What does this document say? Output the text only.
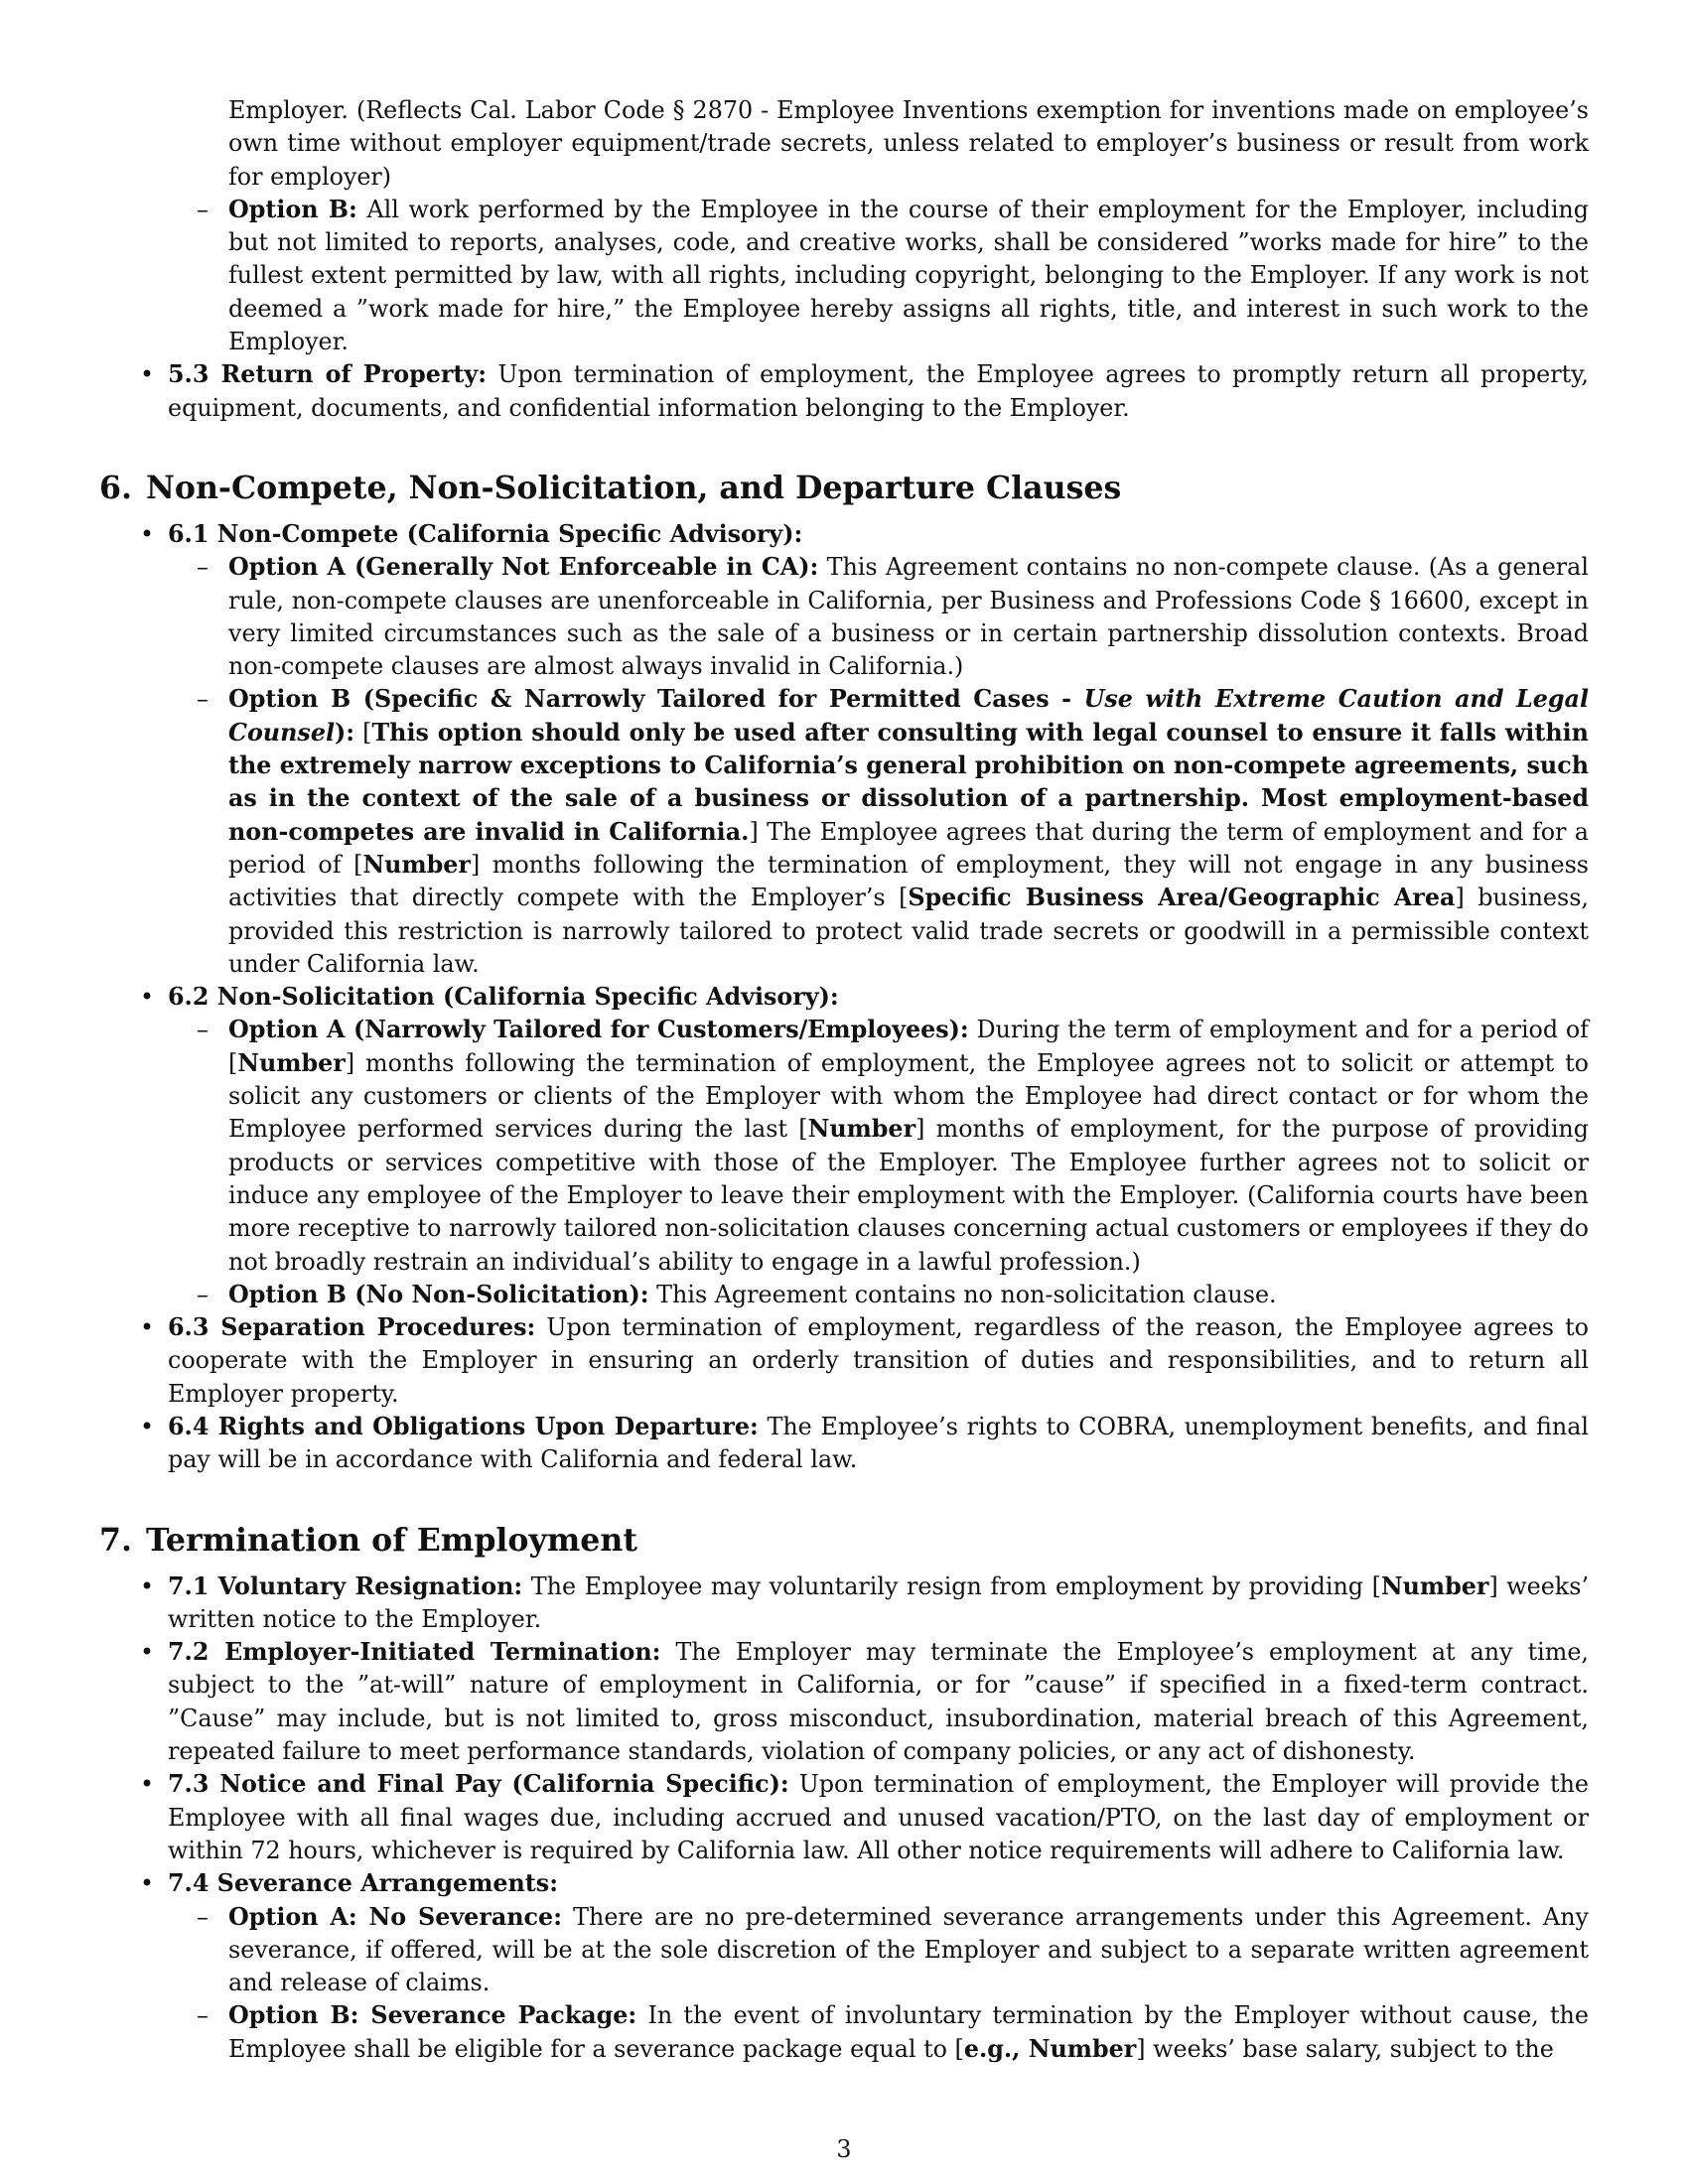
Employer. (Reflects Cal. Labor Code § 2870 - Employee Inventions exemption for inventions made on employee’s own time without employer equipment/trade secrets, unless related to employer’s business or result from work for employer)
– Option B: All work performed by the Employee in the course of their employment for the Employer, including but not limited to reports, analyses, code, and creative works, shall be considered ”works made for hire” to the fullest extent permitted by law, with all rights, including copyright, belonging to the Employer. If any work is not deemed a ”work made for hire,” the Employee hereby assigns all rights, title, and interest in such work to the Employer.
• 5.3 Return of Property: Upon termination of employment, the Employee agrees to promptly return all property, equipment, documents, and confidential information belonging to the Employer.
6. Non-Compete, Non-Solicitation, and Departure Clauses
• 6.1 Non-Compete (California Specific Advisory):
– Option A (Generally Not Enforceable in CA): This Agreement contains no non-compete clause. (As a general rule, non-compete clauses are unenforceable in California, per Business and Professions Code § 16600, except in very limited circumstances such as the sale of a business or in certain partnership dissolution contexts. Broad non-compete clauses are almost always invalid in California.)
– Option B (Specific & Narrowly Tailored for Permitted Cases - Use with Extreme Caution and Legal Counsel): [This option should only be used after consulting with legal counsel to ensure it falls within the extremely narrow exceptions to California’s general prohibition on non-compete agreements, such as in the context of the sale of a business or dissolution of a partnership. Most employment-based non-competes are invalid in California.] The Employee agrees that during the term of employment and for a period of [Number] months following the termination of employment, they will not engage in any business activities that directly compete with the Employer’s [Specific Business Area/Geographic Area] business, provided this restriction is narrowly tailored to protect valid trade secrets or goodwill in a permissible context under California law.
• 6.2 Non-Solicitation (California Specific Advisory):
– Option A (Narrowly Tailored for Customers/Employees): During the term of employment and for a period of [Number] months following the termination of employment, the Employee agrees not to solicit or attempt to solicit any customers or clients of the Employer with whom the Employee had direct contact or for whom the Employee performed services during the last [Number] months of employment, for the purpose of providing products or services competitive with those of the Employer. The Employee further agrees not to solicit or induce any employee of the Employer to leave their employment with the Employer. (California courts have been more receptive to narrowly tailored non-solicitation clauses concerning actual customers or employees if they do not broadly restrain an individual’s ability to engage in a lawful profession.)
– Option B (No Non-Solicitation): This Agreement contains no non-solicitation clause.
• 6.3 Separation Procedures: Upon termination of employment, regardless of the reason, the Employee agrees to cooperate with the Employer in ensuring an orderly transition of duties and responsibilities, and to return all Employer property.
• 6.4 Rights and Obligations Upon Departure: The Employee’s rights to COBRA, unemployment benefits, and final pay will be in accordance with California and federal law.
7. Termination of Employment
• 7.1 Voluntary Resignation: The Employee may voluntarily resign from employment by providing [Number] weeks’ written notice to the Employer.
• 7.2 Employer-Initiated Termination: The Employer may terminate the Employee’s employment at any time, subject to the ”at-will” nature of employment in California, or for ”cause” if specified in a fixed-term contract. ”Cause” may include, but is not limited to, gross misconduct, insubordination, material breach of this Agreement, repeated failure to meet performance standards, violation of company policies, or any act of dishonesty.
• 7.3 Notice and Final Pay (California Specific): Upon termination of employment, the Employer will provide the Employee with all final wages due, including accrued and unused vacation/PTO, on the last day of employment or within 72 hours, whichever is required by California law. All other notice requirements will adhere to California law.
• 7.4 Severance Arrangements:
– Option A: No Severance: There are no pre-determined severance arrangements under this Agreement. Any severance, if offered, will be at the sole discretion of the Employer and subject to a separate written agreement and release of claims.
– Option B: Severance Package: In the event of involuntary termination by the Employer without cause, the Employee shall be eligible for a severance package equal to [e.g., Number] weeks’ base salary, subject to the
3
